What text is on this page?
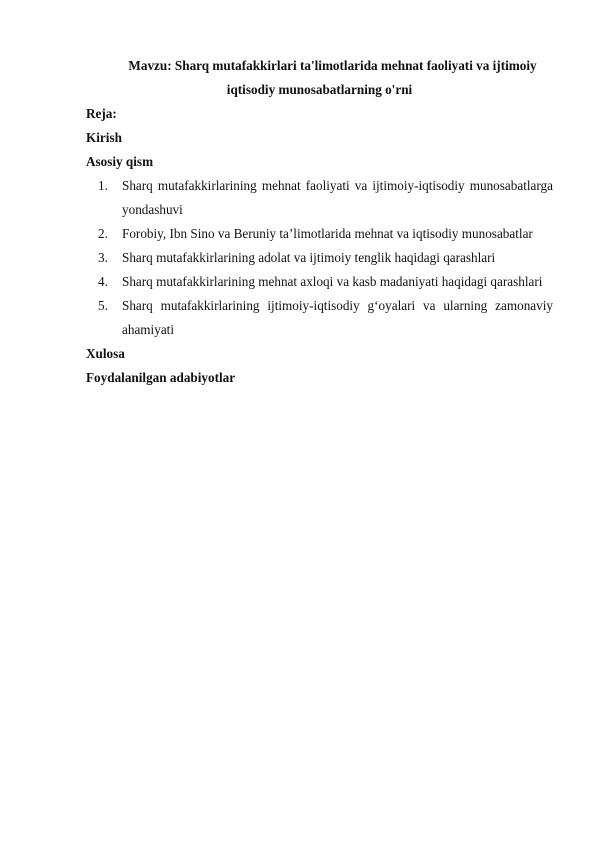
Mavzu: Sharq mutafakkirlari ta'limotlarida mehnat faoliyati va ijtimoiy iqtisodiy munosabatlarning o'rni

Reja:

Kirish

Asosiy qism

1.	Sharq mutafakkirlarining mehnat faoliyati va ijtimoiy-iqtisodiy munosabatlarga yondashuvi
2.	Forobiy, Ibn Sino va Beruniy ta’limotlarida mehnat va iqtisodiy munosabatlar
3.	Sharq mutafakkirlarining adolat va ijtimoiy tenglik haqidagi qarashlari
4.	Sharq mutafakkirlarining mehnat axloqi va kasb madaniyati haqidagi qarashlari
5.	Sharq mutafakkirlarining ijtimoiy-iqtisodiy g‘oyalari va ularning zamonaviy ahamiyati

Xulosa

Foydalanilgan adabiyotlar
